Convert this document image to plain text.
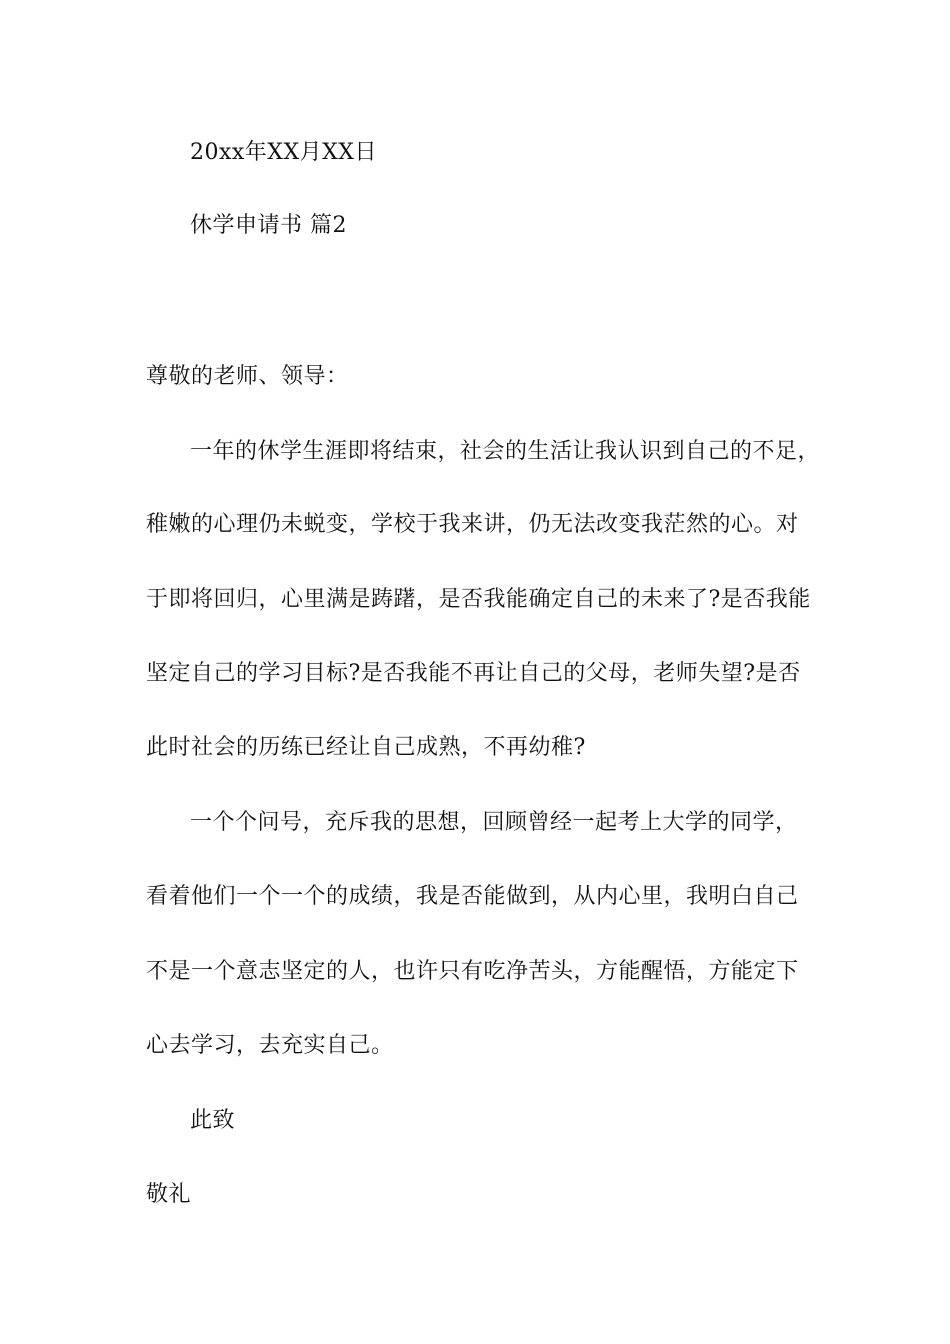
20xx年XX月XX日
休学申请书 篇2
尊敬的老师、领导：
一年的休学生涯即将结束，社会的生活让我认识到自己的不足，
稚嫩的心理仍未蜕变，学校于我来讲，仍无法改变我茫然的心。对
于即将回归，心里满是踌躇，是否我能确定自己的未来了?是否我能
坚定自己的学习目标?是否我能不再让自己的父母，老师失望?是否
此时社会的历练已经让自己成熟，不再幼稚?
一个个问号，充斥我的思想，回顾曾经一起考上大学的同学，
看着他们一个一个的成绩，我是否能做到，从内心里，我明白自己
不是一个意志坚定的人，也许只有吃净苦头，方能醒悟，方能定下
心去学习，去充实自己。
此致
敬礼
